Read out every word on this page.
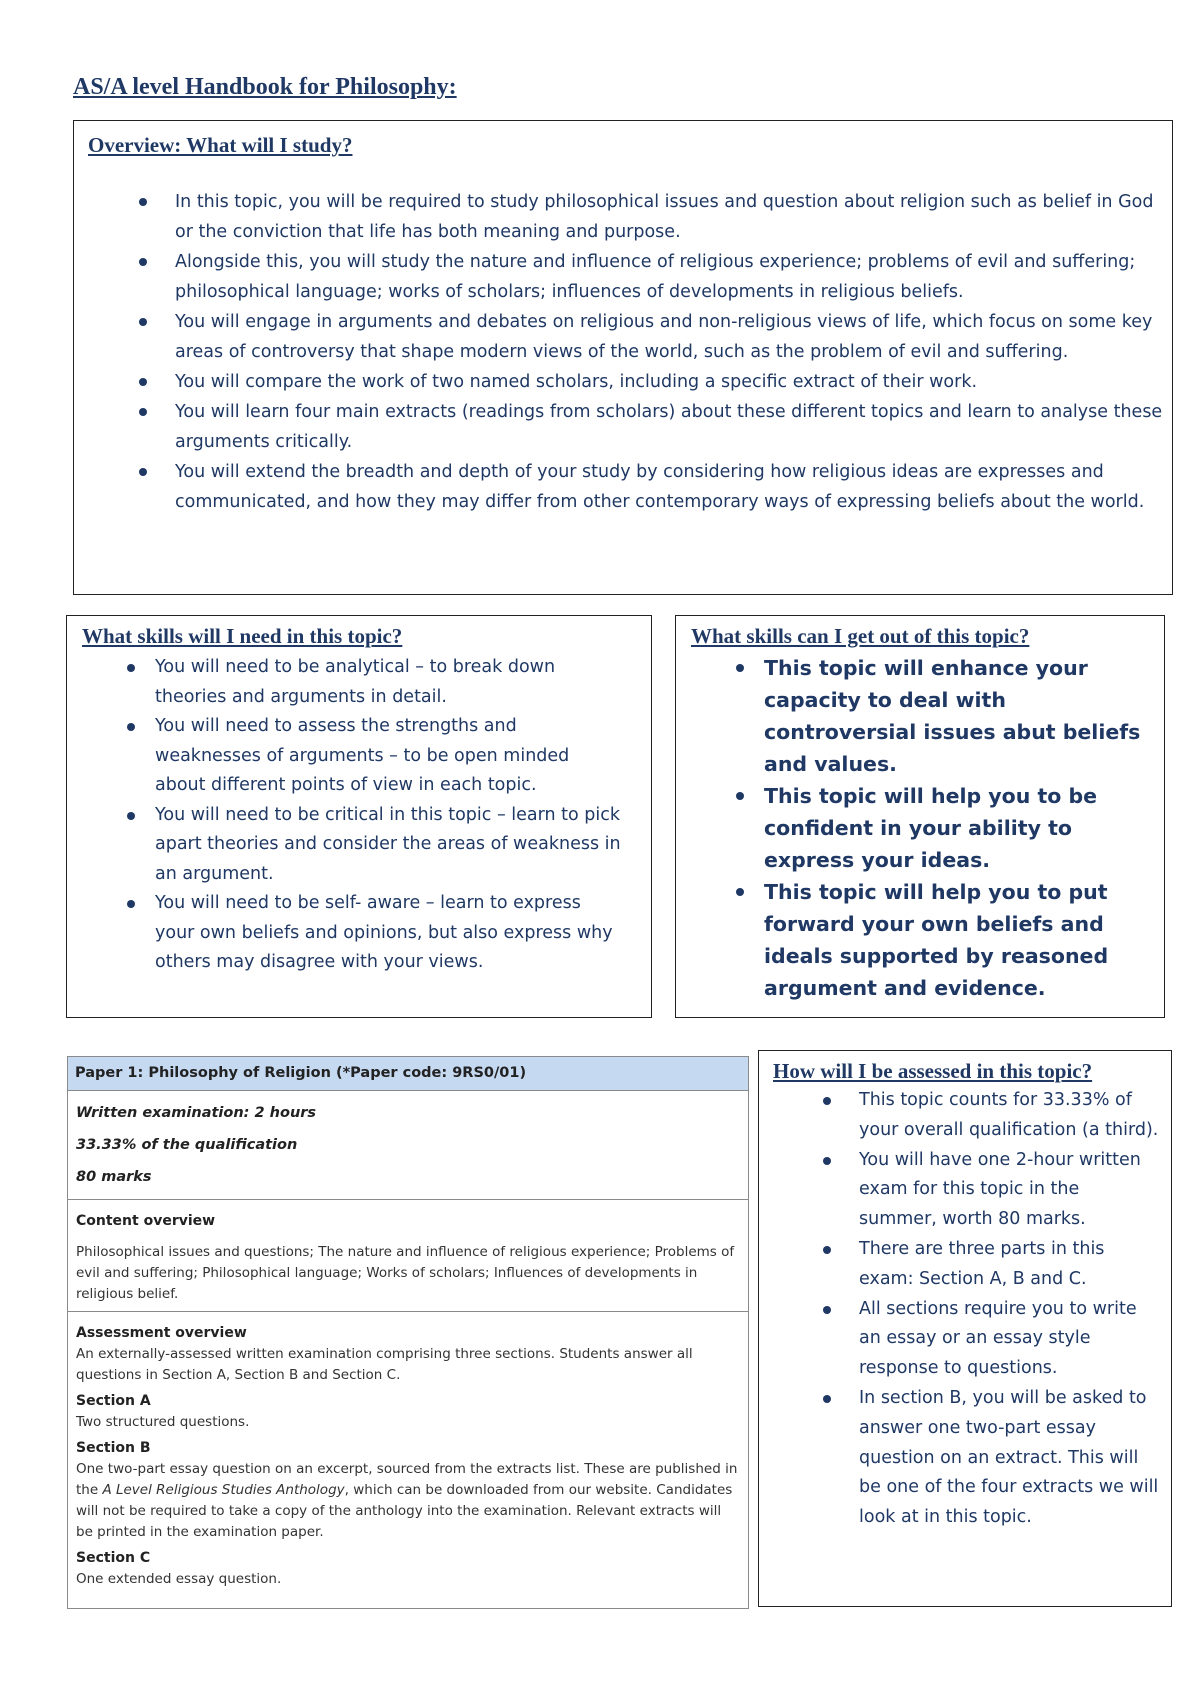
AS/A level Handbook for Philosophy:
Overview: What will I study?
In this topic, you will be required to study philosophical issues and question about religion such as belief in God or the conviction that life has both meaning and purpose.
Alongside this, you will study the nature and influence of religious experience; problems of evil and suffering; philosophical language; works of scholars; influences of developments in religious beliefs.
You will engage in arguments and debates on religious and non-religious views of life, which focus on some key areas of controversy that shape modern views of the world, such as the problem of evil and suffering.
You will compare the work of two named scholars, including a specific extract of their work.
You will learn four main extracts (readings from scholars) about these different topics and learn to analyse these arguments critically.
You will extend the breadth and depth of your study by considering how religious ideas are expresses and communicated, and how they may differ from other contemporary ways of expressing beliefs about the world.
What skills will I need in this topic?
You will need to be analytical – to break down theories and arguments in detail.
You will need to assess the strengths and weaknesses of arguments – to be open minded about different points of view in each topic.
You will need to be critical in this topic – learn to pick apart theories and consider the areas of weakness in an argument.
You will need to be self- aware – learn to express your own beliefs and opinions, but also express why others may disagree with your views.
What skills can I get out of this topic?
This topic will enhance your capacity to deal with controversial issues abut beliefs and values.
This topic will help you to be confident in your ability to express your ideas.
This topic will help you to put forward your own beliefs and ideals supported by reasoned argument and evidence.
Paper 1: Philosophy of Religion (*Paper code: 9RS0/01)
Written examination: 2 hours
33.33% of the qualification
80 marks
Content overview
Philosophical issues and questions; The nature and influence of religious experience; Problems of evil and suffering; Philosophical language; Works of scholars; Influences of developments in religious belief.
Assessment overview
An externally-assessed written examination comprising three sections. Students answer all questions in Section A, Section B and Section C.
Section A
Two structured questions.
Section B
One two-part essay question on an excerpt, sourced from the extracts list. These are published in the A Level Religious Studies Anthology, which can be downloaded from our website. Candidates will not be required to take a copy of the anthology into the examination. Relevant extracts will be printed in the examination paper.
Section C
One extended essay question.
How will I be assessed in this topic?
This topic counts for 33.33% of your overall qualification (a third).
You will have one 2-hour written exam for this topic in the summer, worth 80 marks.
There are three parts in this exam: Section A, B and C.
All sections require you to write an essay or an essay style response to questions.
In section B, you will be asked to answer one two-part essay question on an extract. This will be one of the four extracts we will look at in this topic.
